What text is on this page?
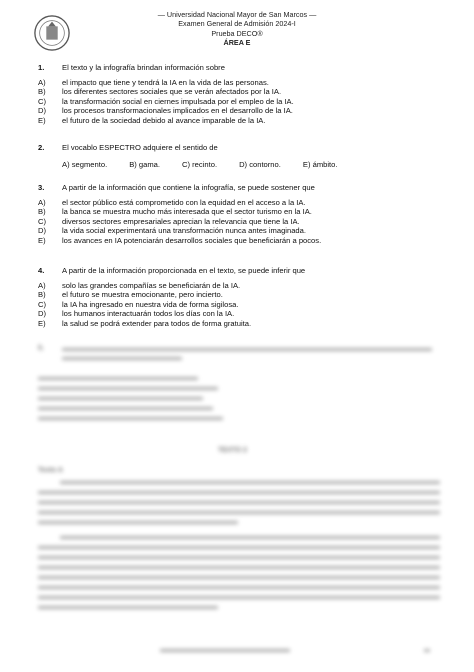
— Universidad Nacional Mayor de San Marcos —
Examen General de Admisión 2024-I
Prueba DECO®
ÁREA E
1.	El texto y la infografía brindan información sobre
A)	el impacto que tiene y tendrá la IA en la vida de las personas.
B)	los diferentes sectores sociales que se verán afectados por la IA.
C)	la transformación social en ciernes impulsada por el empleo de la IA.
D)	los procesos transformacionales implicados en el desarrollo de la IA.
E)	el futuro de la sociedad debido al avance imparable de la IA.
2.	El vocablo ESPECTRO adquiere el sentido de
A) segmento.	B) gama.	C) recinto.	D) contorno.	E) ámbito.
3.	A partir de la información que contiene la infografía, se puede sostener que
A)	el sector público está comprometido con la equidad en el acceso a la IA.
B)	la banca se muestra mucho más interesada que el sector turismo en la IA.
C)	diversos sectores empresariales aprecian la relevancia que tiene la IA.
D)	la vida social experimentará una transformación nunca antes imaginada.
E)	los avances en IA potenciarán desarrollos sociales que beneficiarán a pocos.
4.	A partir de la información proporcionada en el texto, se puede inferir que
A)	solo las grandes compañías se beneficiarán de la IA.
B)	el futuro se muestra emocionante, pero incierto.
C)	la IA ha ingresado en nuestra vida de forma sigilosa.
D)	los humanos interactuarán todos los días con la IA.
E)	la salud se podrá extender para todos de forma gratuita.
5.
TEXTO 2
Texto A
